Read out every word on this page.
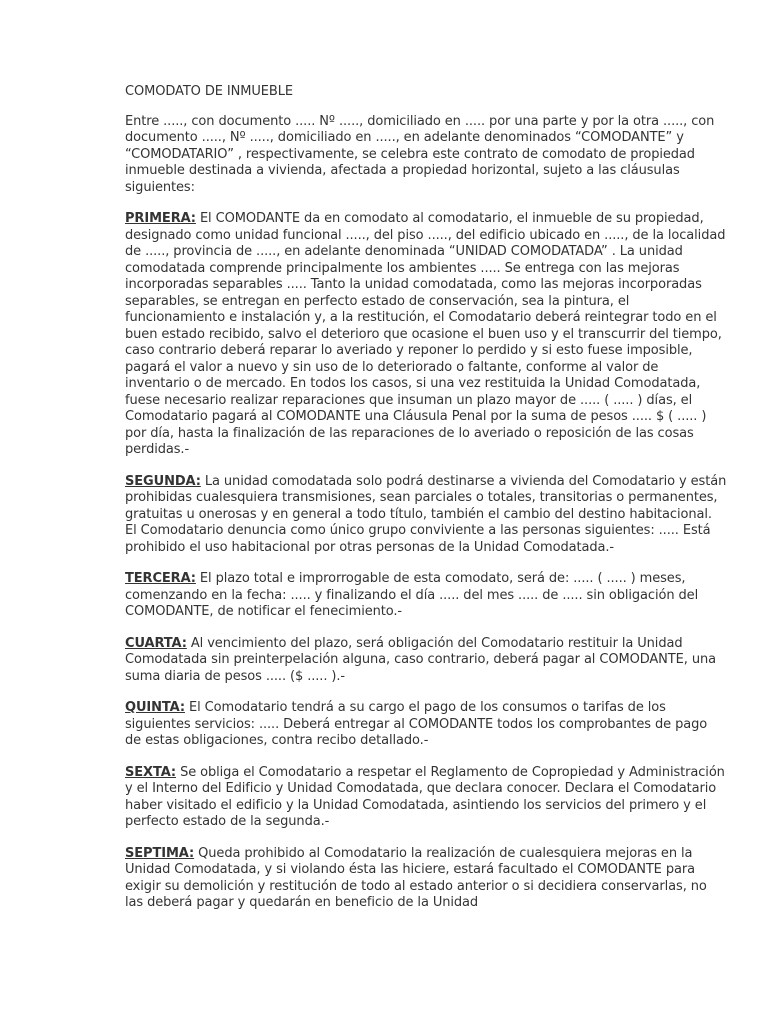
COMODATO DE INMUEBLE

Entre ....., con documento ..... Nº ....., domiciliado en ..... por una parte y por la otra ....., con documento ....., Nº ....., domiciliado en ....., en adelante denominados “COMODANTE” y “COMODATARIO” , respectivamente, se celebra este contrato de comodato de propiedad inmueble destinada a vivienda, afectada a propiedad horizontal, sujeto a las cláusulas siguientes:

PRIMERA: El COMODANTE da en comodato al comodatario, el inmueble de su propiedad, designado como unidad funcional ....., del piso ....., del edificio ubicado en ....., de la localidad de ....., provincia de ....., en adelante denominada “UNIDAD COMODATADA” . La unidad comodatada comprende principalmente los ambientes ..... Se entrega con las mejoras incorporadas separables ..... Tanto la unidad comodatada, como las mejoras incorporadas separables, se entregan en perfecto estado de conservación, sea la pintura, el funcionamiento e instalación y, a la restitución, el Comodatario deberá reintegrar todo en el buen estado recibido, salvo el deterioro que ocasione el buen uso y el transcurrir del tiempo, caso contrario deberá reparar lo averiado y reponer lo perdido y si esto fuese imposible, pagará el valor a nuevo y sin uso de lo deteriorado o faltante, conforme al valor de inventario o de mercado. En todos los casos, si una vez restituida la Unidad Comodatada, fuese necesario realizar reparaciones que insuman un plazo mayor de ..... ( ..... ) días, el Comodatario pagará al COMODANTE una Cláusula Penal por la suma de pesos ..... $ ( ..... ) por día, hasta la finalización de las reparaciones de lo averiado o reposición de las cosas perdidas.-

SEGUNDA: La unidad comodatada solo podrá destinarse a vivienda del Comodatario y están prohibidas cualesquiera transmisiones, sean parciales o totales, transitorias o permanentes, gratuitas u onerosas y en general a todo título, también el cambio del destino habitacional. El Comodatario denuncia como único grupo conviviente a las personas siguientes: ..... Está prohibido el uso habitacional por otras personas de la Unidad Comodatada.-

TERCERA: El plazo total e improrrogable de esta comodato, será de: ..... ( ..... ) meses, comenzando en la fecha: ..... y finalizando el día ..... del mes ..... de ..... sin obligación del COMODANTE, de notificar el fenecimiento.-

CUARTA: Al vencimiento del plazo, será obligación del Comodatario restituir la Unidad Comodatada sin preinterpelación alguna, caso contrario, deberá pagar al COMODANTE, una suma diaria de pesos ..... ($ ..... ).-

QUINTA: El Comodatario tendrá a su cargo el pago de los consumos o tarifas de los siguientes servicios: ..... Deberá entregar al COMODANTE todos los comprobantes de pago de estas obligaciones, contra recibo detallado.-

SEXTA: Se obliga el Comodatario a respetar el Reglamento de Copropiedad y Administración y el Interno del Edificio y Unidad Comodatada, que declara conocer. Declara el Comodatario haber visitado el edificio y la Unidad Comodatada, asintiendo los servicios del primero y el perfecto estado de la segunda.-

SEPTIMA: Queda prohibido al Comodatario la realización de cualesquiera mejoras en la Unidad Comodatada, y si violando ésta las hiciere, estará facultado el COMODANTE para exigir su demolición y restitución de todo al estado anterior o si decidiera conservarlas, no las deberá pagar y quedarán en beneficio de la Unidad
